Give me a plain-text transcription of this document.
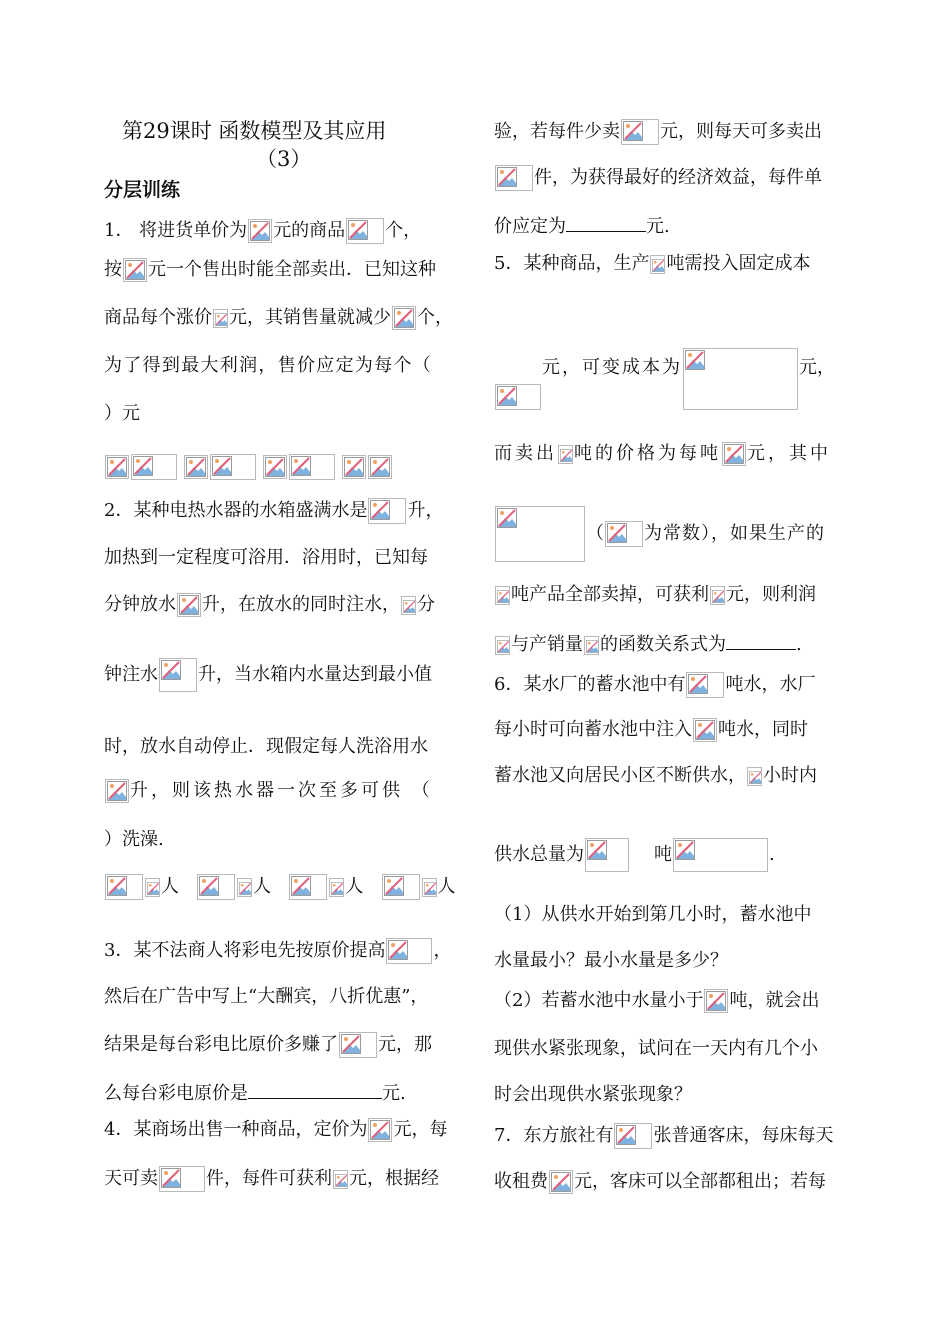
第29课时 函数模型及其应用
（3）
分层训练
1． 将进货单价为 元的商品 个，
按 元一个售出时能全部卖出．已知这种
商品每个涨价 元，其销售量就减少 个，
为了得到最大利润，售价应定为每个（
）元

2．某种电热水器的水箱盛满水是 升，
加热到一定程度可浴用．浴用时，已知每
分钟放水 升，在放水的同时注水， 分
钟注水 升，当水箱内水量达到最小值
时，放水自动停止．现假定每人洗浴用水
升，则该热水器一次至多可供 （
）洗澡.
人	人	人	人
3．某不法商人将彩电先按原价提高	，
然后在广告中写上“大酬宾，八折优惠”，
结果是每台彩电比原价多赚了 元，那
么每台彩电原价是	元.
4．某商场出售一种商品，定价为 元，每
天可卖	件，每件可获利 元，根据经
验，若每件少卖 元，则每天可多卖出
件，为获得最好的经济效益，每件单
价应定为	元.
5．某种商品，生产 吨需投入固定成本
元，可变成本为	元，
而卖出 吨的价格为每吨 元，其中
（ 为常数），如果生产的
吨产品全部卖掉，可获利 元，则利润
与产销量 的函数关系式为	.
6．某水厂的蓄水池中有 吨水，水厂
每小时可向蓄水池中注入 吨水，同时
蓄水池又向居民小区不断供水， 小时内
供水总量为	吨	.
（1）从供水开始到第几小时，蓄水池中
水量最小？最小水量是多少？
（2）若蓄水池中水量小于 吨，就会出
现供水紧张现象，试问在一天内有几个小
时会出现供水紧张现象？
7．东方旅社有 张普通客床，每床每天
收租费 元，客床可以全部都租出；若每
